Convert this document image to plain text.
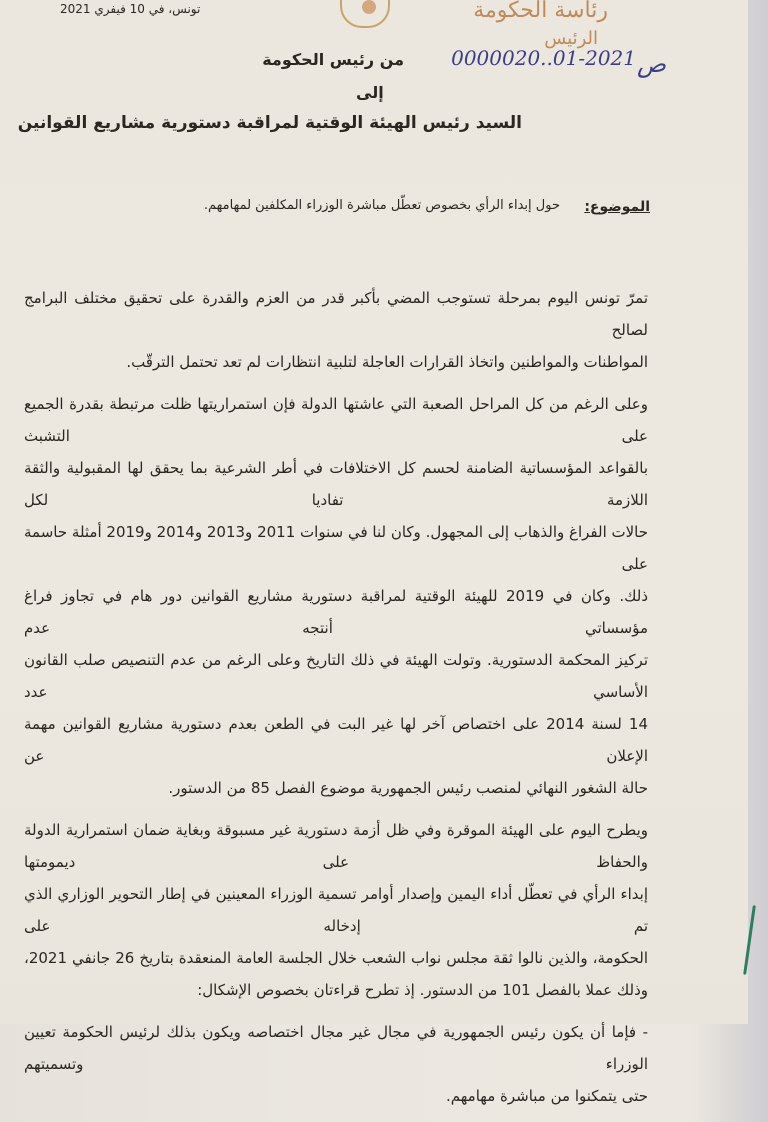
تونس، في 10 فيفري 2021	رئاسة الحكومة
الرئيس
ص
0000020..01-2021
من رئيس الحكومة
إلى
السيد رئيس الهيئة الوقتية لمراقبة دستورية مشاريع القوانين
الموضوع:
حول إبداء الرأي بخصوص تعطّل مباشرة الوزراء المكلفين لمهامهم.
تمرّ تونس اليوم بمرحلة تستوجب المضي بأكبر قدر من العزم والقدرة على تحقيق مختلف البرامج لصالح
المواطنات والمواطنين واتخاذ القرارات العاجلة لتلبية انتظارات لم تعد تحتمل الترقّب.
وعلى الرغم من كل المراحل الصعبة التي عاشتها الدولة فإن استمراريتها ظلت مرتبطة بقدرة الجميع على التشبث
بالقواعد المؤسساتية الضامنة لحسم كل الاختلافات في أطر الشرعية بما يحقق لها المقبولية والثقة اللازمة تفاديا لكل
حالات الفراغ والذهاب إلى المجهول. وكان لنا في سنوات 2011 و2013 و2014 و2019 أمثلة حاسمة على
ذلك. وكان في 2019 للهيئة الوقتية لمراقبة دستورية مشاريع القوانين دور هام في تجاوز فراغ مؤسساتي أنتجه عدم
تركيز المحكمة الدستورية. وتولت الهيئة في ذلك التاريخ وعلى الرغم من عدم التنصيص صلب القانون الأساسي عدد
14 لسنة 2014 على اختصاص آخر لها غير البت في الطعن بعدم دستورية مشاريع القوانين مهمة الإعلان عن
حالة الشغور النهائي لمنصب رئيس الجمهورية موضوع الفصل 85 من الدستور.
ويطرح اليوم على الهيئة الموقرة وفي ظل أزمة دستورية غير مسبوقة وبغاية ضمان استمرارية الدولة والحفاظ على ديمومتها
إبداء الرأي في تعطّل أداء اليمين وإصدار أوامر تسمية الوزراء المعينين في إطار التحوير الوزاري الذي تم إدخاله على
الحكومة، والذين نالوا ثقة مجلس نواب الشعب خلال الجلسة العامة المنعقدة بتاريخ 26 جانفي 2021،
وذلك عملا بالفصل 101 من الدستور. إذ تطرح قراءتان بخصوص الإشكال:
- فإما أن يكون رئيس الجمهورية في مجال غير مجال اختصاصه ويكون بذلك لرئيس الحكومة تعيين الوزراء وتسميتهم
حتى يتمكنوا من مباشرة مهامهم.
